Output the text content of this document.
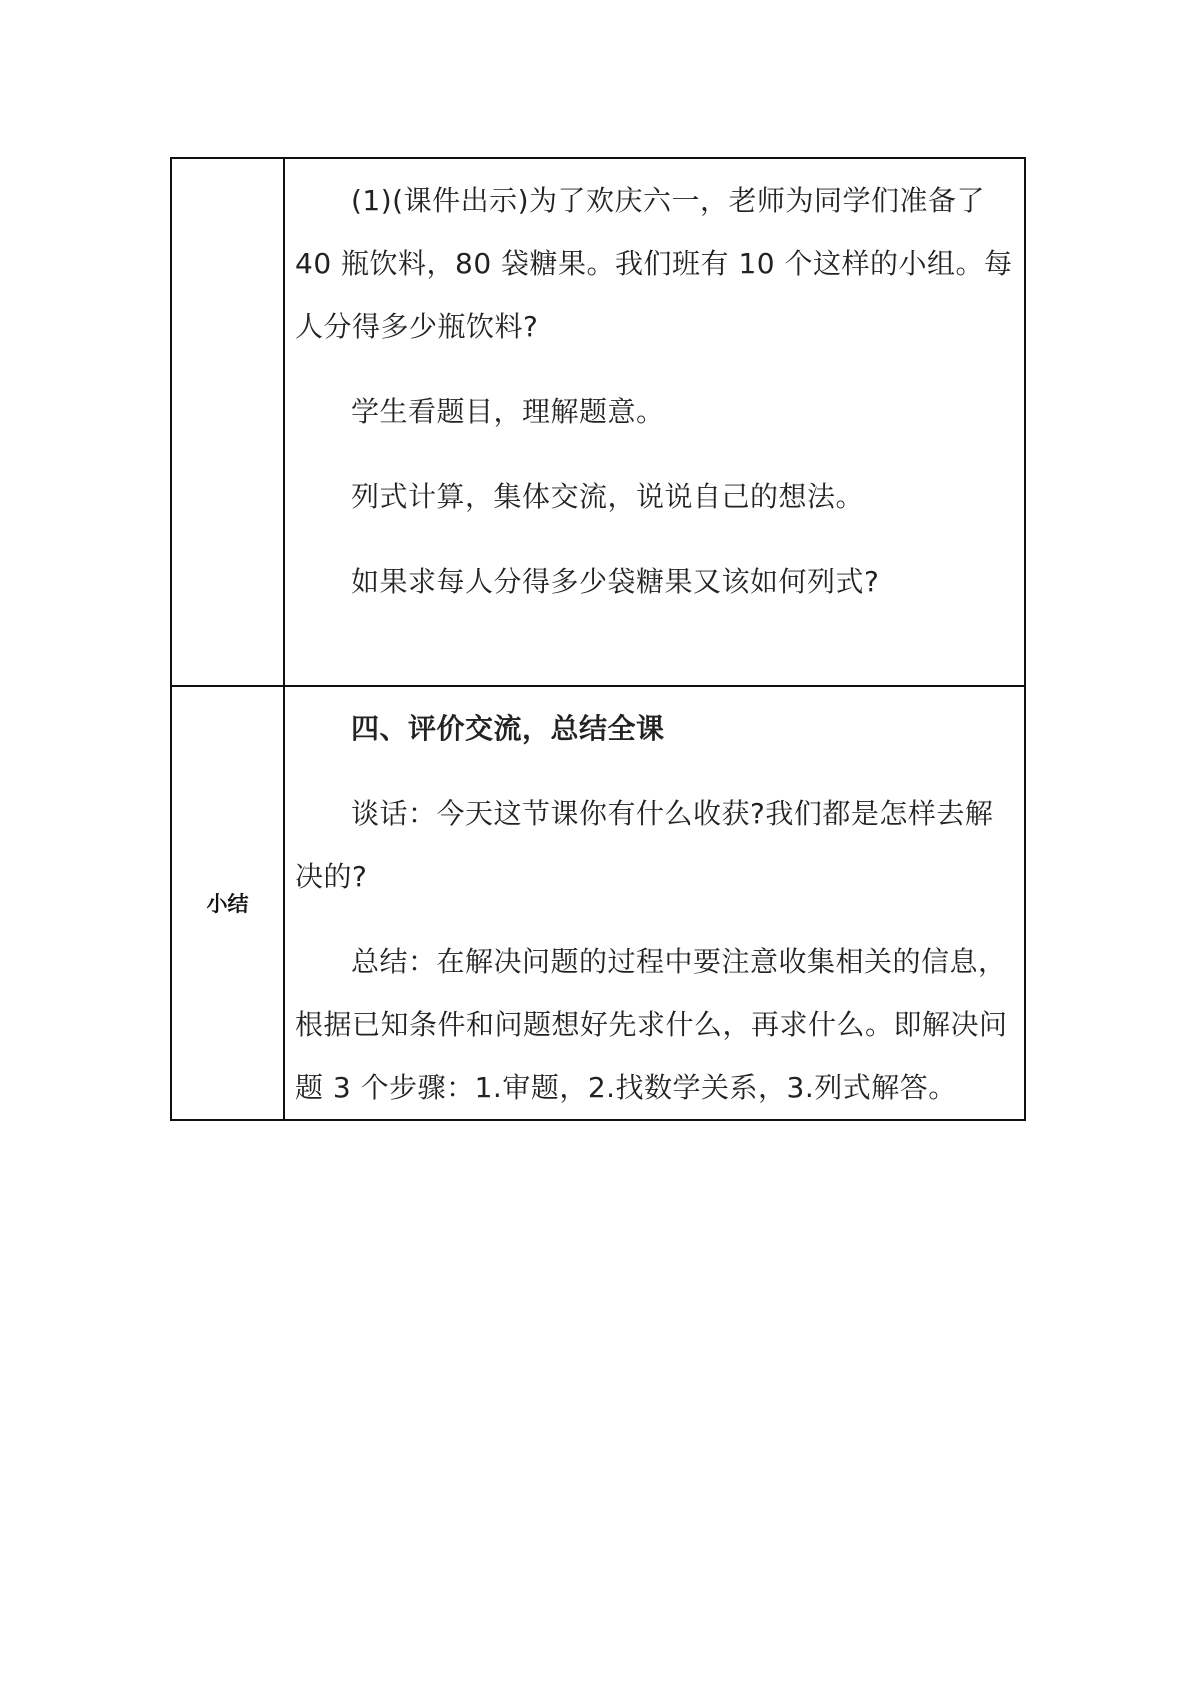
	(1)(课件出示)为了欢庆六一，老师为同学们准备了40 瓶饮料，80 袋糖果。我们班有 10 个这样的小组。每人分得多少瓶饮料?

学生看题目，理解题意。

列式计算，集体交流，说说自己的想法。

如果求每人分得多少袋糖果又该如何列式?

小结	四、评价交流，总结全课

谈话：今天这节课你有什么收获?我们都是怎样去解决的?

总结：在解决问题的过程中要注意收集相关的信息，根据已知条件和问题想好先求什么，再求什么。即解决问题 3 个步骤：1.审题，2.找数学关系，3.列式解答。
